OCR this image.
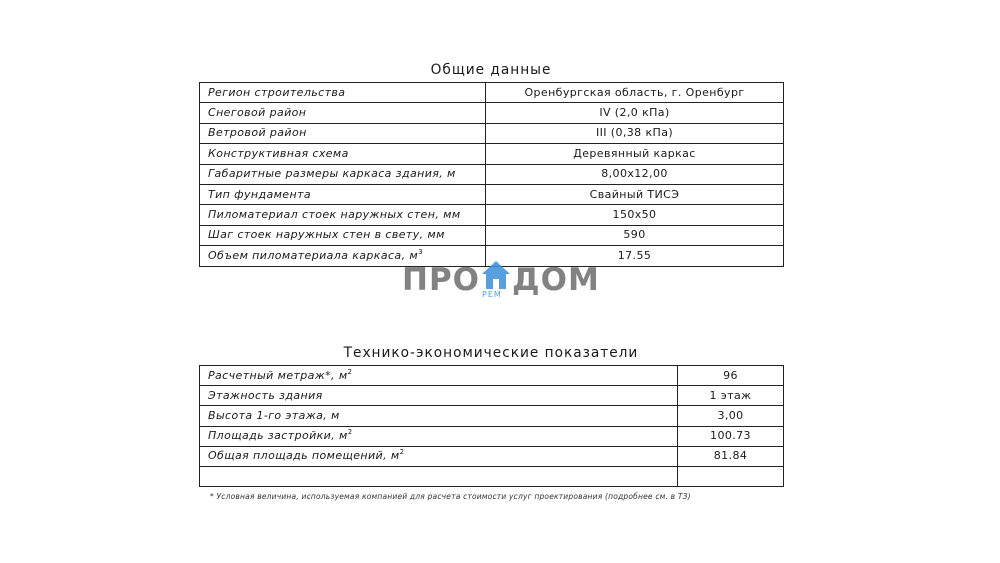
Общие данные
Регион строительства	Оренбургская область, г. Оренбург
Снеговой район	IV (2,0 кПа)
Ветровой район	III (0,38 кПа)
Конструктивная схема	Деревянный каркас
Габаритные размеры каркаса здания, м	8,00х12,00
Тип фундамента	Свайный ТИСЭ
Пиломатериал стоек наружных стен, мм	150х50
Шаг стоек наружных стен в свету, мм	590
Объем пиломатериала каркаса, $м^3$	17.55
ПРО РЕМ ДОМ
Технико-экономические показатели
Расчетный метраж*, $м^2$	96
Этажность здания	1 этаж
Высота 1-го этажа, м	3,00
Площадь застройки, $м^2$	100.73
Общая площадь помещений, $м^2$	81.84

* Условная величина, используемая компанией для расчета стоимости услуг проектирования (подробнее см. в ТЗ)
